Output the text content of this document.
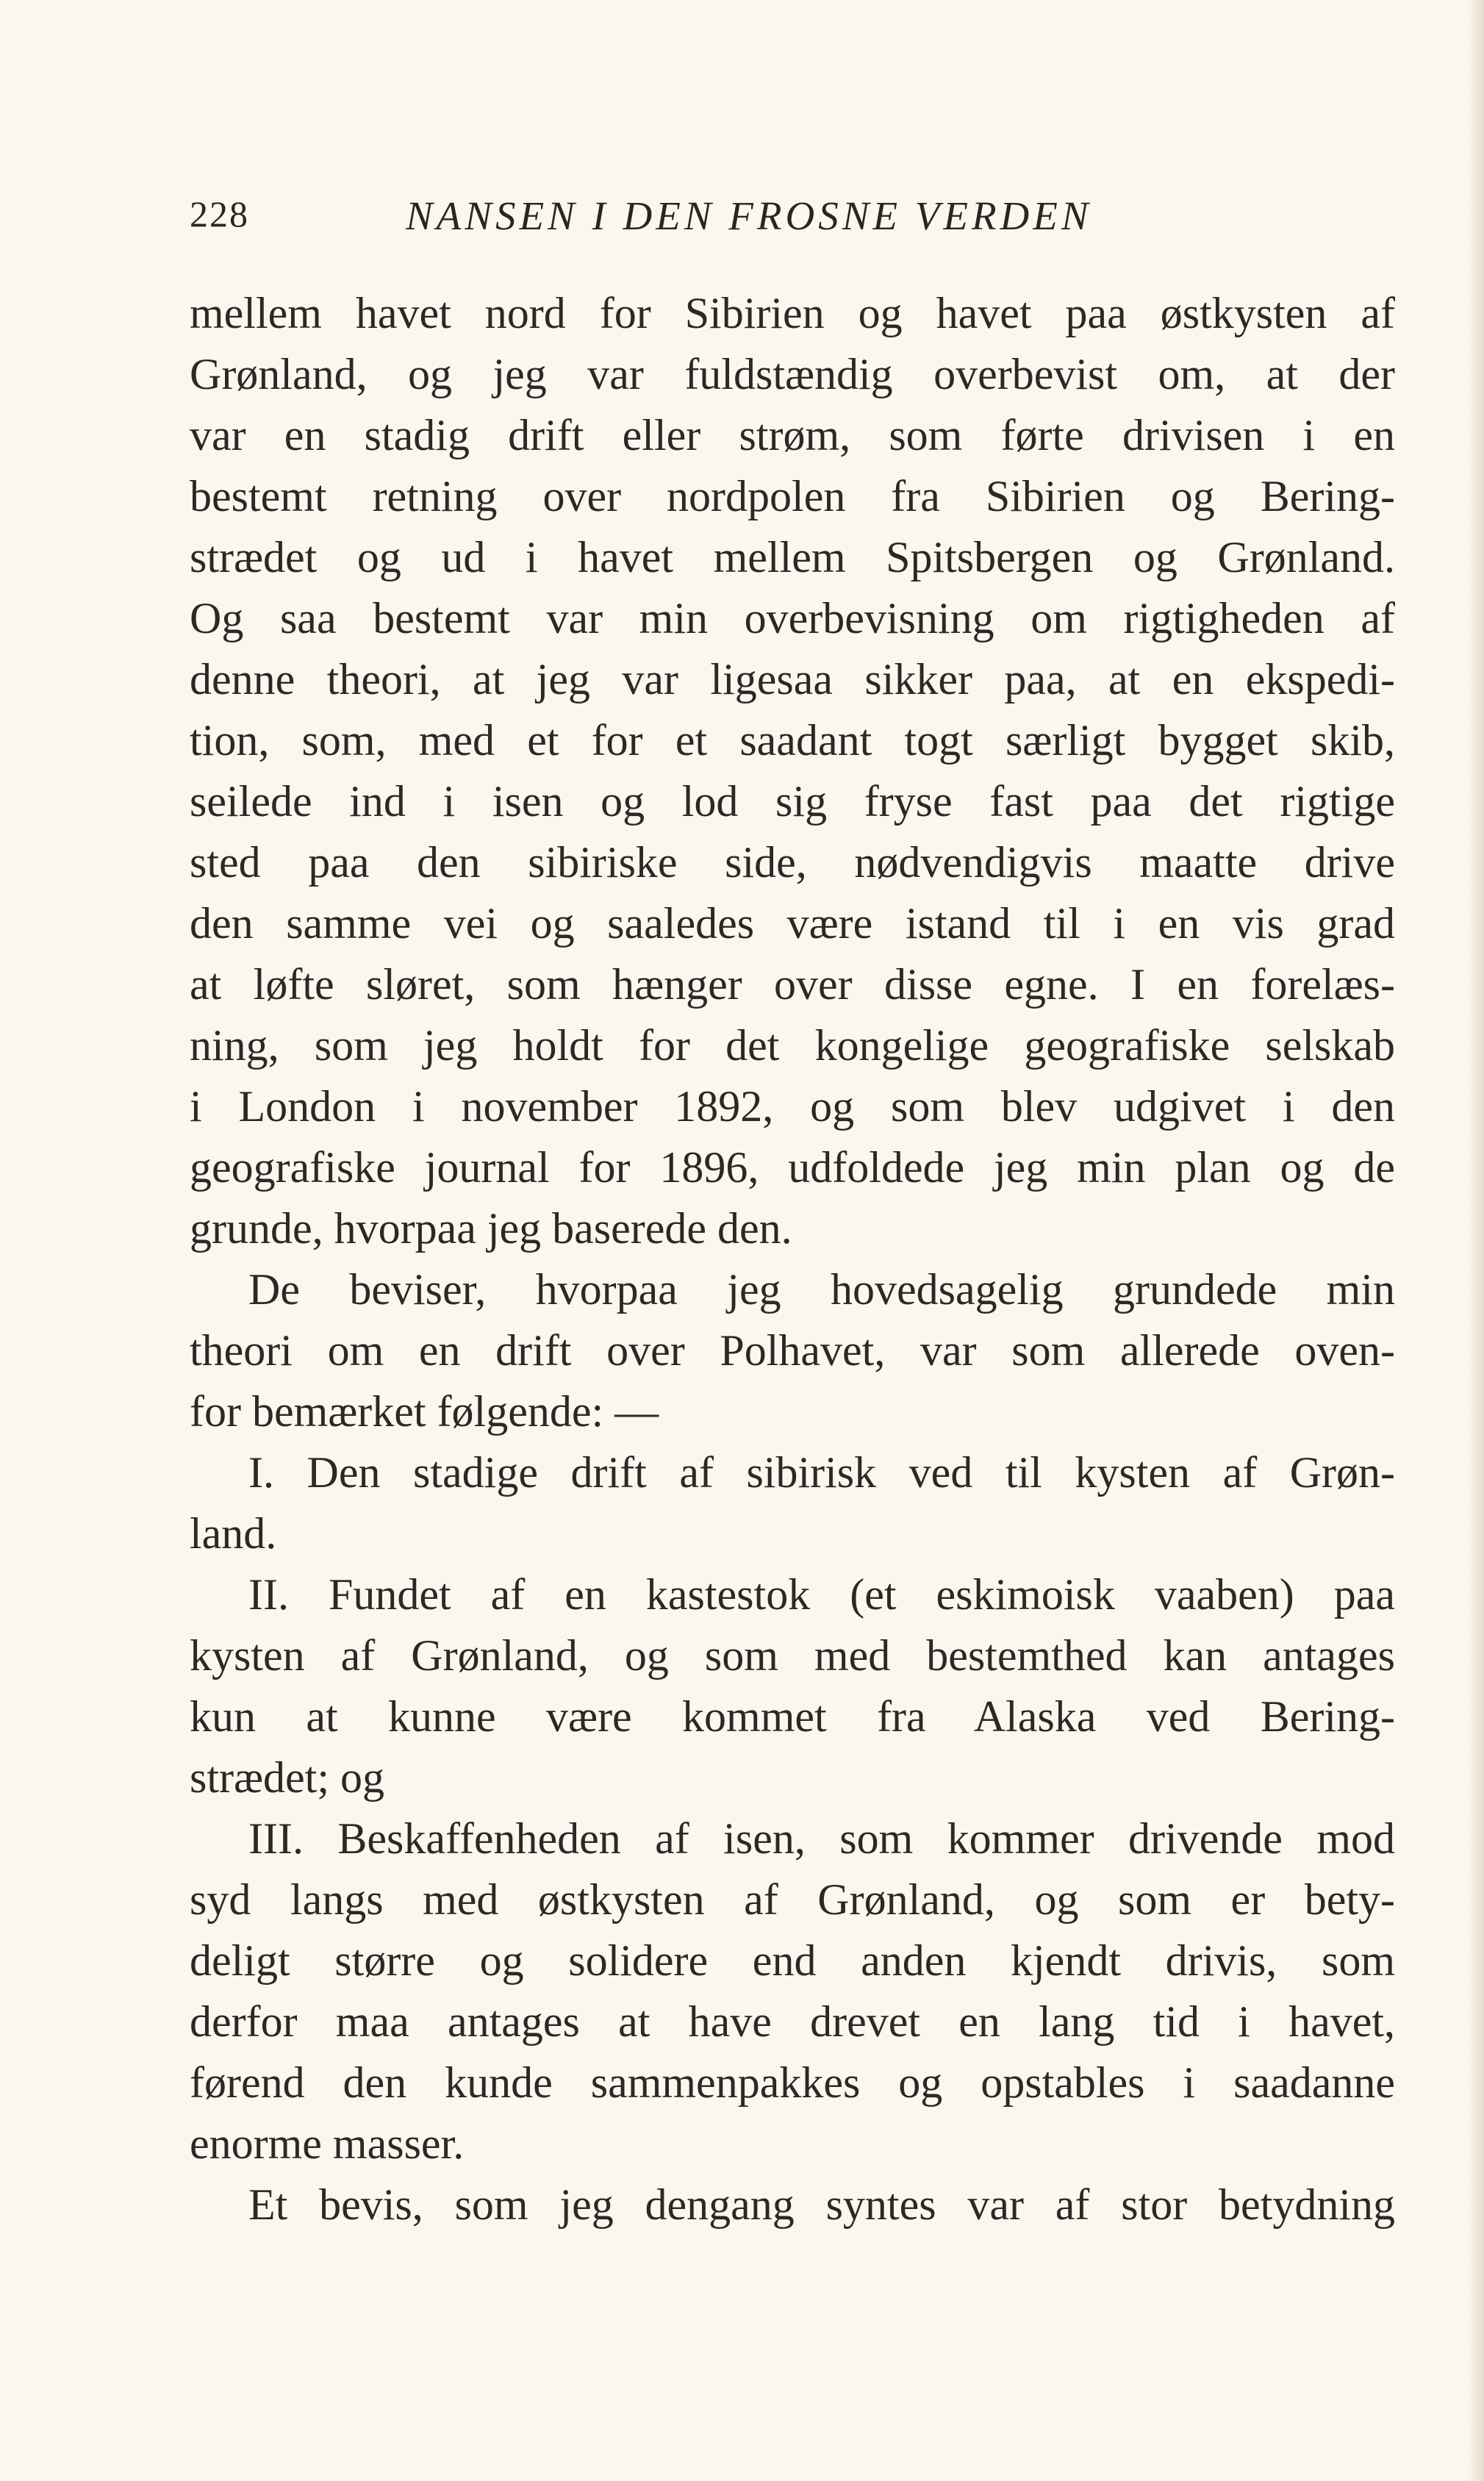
228	NANSEN I DEN FROSNE VERDEN
mellem havet nord for Sibirien og havet paa østkysten af
Grønland, og jeg var fuldstændig overbevist om, at der
var en stadig drift eller strøm, som førte drivisen i en
bestemt retning over nordpolen fra Sibirien og Bering-
strædet og ud i havet mellem Spitsbergen og Grønland.
Og saa bestemt var min overbevisning om rigtigheden af
denne theori, at jeg var ligesaa sikker paa, at en ekspedi-
tion, som, med et for et saadant togt særligt bygget skib,
seilede ind i isen og lod sig fryse fast paa det rigtige
sted paa den sibiriske side, nødvendigvis maatte drive
den samme vei og saaledes være istand til i en vis grad
at løfte sløret, som hænger over disse egne. I en forelæs-
ning, som jeg holdt for det kongelige geografiske selskab
i London i november 1892, og som blev udgivet i den
geografiske journal for 1896, udfoldede jeg min plan og de
grunde, hvorpaa jeg baserede den.
De beviser, hvorpaa jeg hovedsagelig grundede min
theori om en drift over Polhavet, var som allerede oven-
for bemærket følgende: —
I. Den stadige drift af sibirisk ved til kysten af Grøn-
land.
II. Fundet af en kastestok (et eskimoisk vaaben) paa
kysten af Grønland, og som med bestemthed kan antages
kun at kunne være kommet fra Alaska ved Bering-
strædet; og
III. Beskaffenheden af isen, som kommer drivende mod
syd langs med østkysten af Grønland, og som er bety-
deligt større og solidere end anden kjendt drivis, som
derfor maa antages at have drevet en lang tid i havet,
førend den kunde sammenpakkes og opstables i saadanne
enorme masser.
Et bevis, som jeg dengang syntes var af stor betydning
